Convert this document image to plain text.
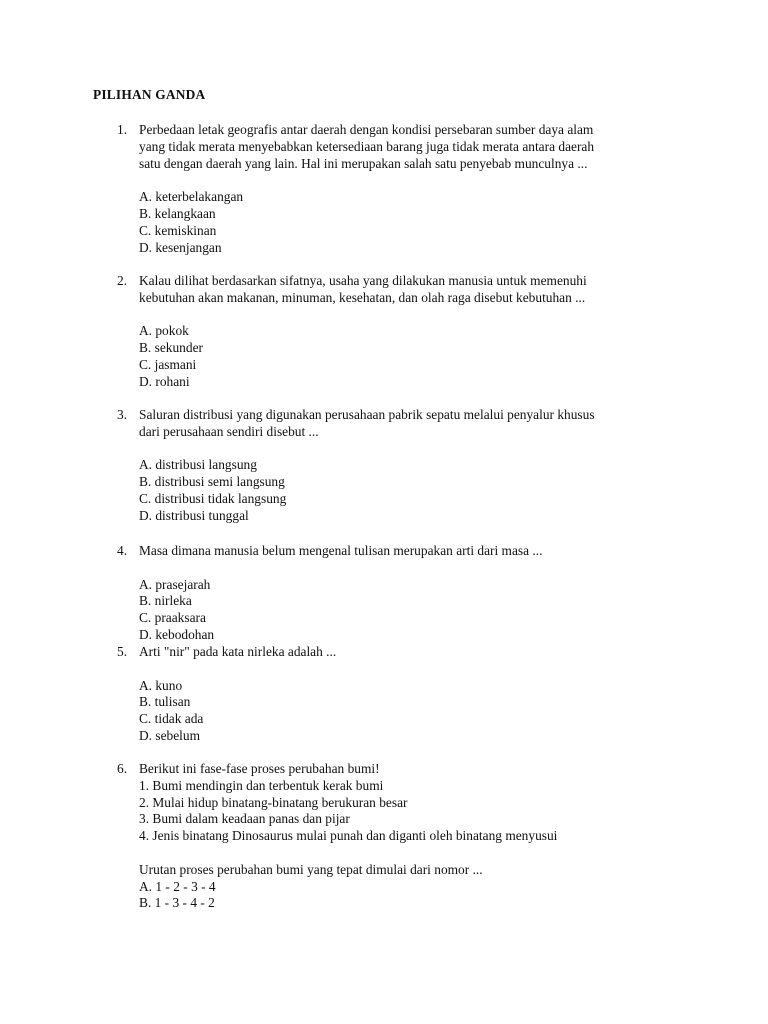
PILIHAN GANDA
1. Perbedaan letak geografis antar daerah dengan kondisi persebaran sumber daya alam
yang tidak merata menyebabkan ketersediaan barang juga tidak merata antara daerah
satu dengan daerah yang lain. Hal ini merupakan salah satu penyebab munculnya ...
A. keterbelakangan
B. kelangkaan
C. kemiskinan
D. kesenjangan
2. Kalau dilihat berdasarkan sifatnya, usaha yang dilakukan manusia untuk memenuhi
kebutuhan akan makanan, minuman, kesehatan, dan olah raga disebut kebutuhan ...
A. pokok
B. sekunder
C. jasmani
D. rohani
3. Saluran distribusi yang digunakan perusahaan pabrik sepatu melalui penyalur khusus
dari perusahaan sendiri disebut ...
A. distribusi langsung
B. distribusi semi langsung
C. distribusi tidak langsung
D. distribusi tunggal
4. Masa dimana manusia belum mengenal tulisan merupakan arti dari masa ...
A. prasejarah
B. nirleka
C. praaksara
D. kebodohan
5. Arti "nir" pada kata nirleka adalah ...
A. kuno
B. tulisan
C. tidak ada
D. sebelum
6. Berikut ini fase-fase proses perubahan bumi!
1. Bumi mendingin dan terbentuk kerak bumi
2. Mulai hidup binatang-binatang berukuran besar
3. Bumi dalam keadaan panas dan pijar
4. Jenis binatang Dinosaurus mulai punah dan diganti oleh binatang menyusui
Urutan proses perubahan bumi yang tepat dimulai dari nomor ...
A. 1 - 2 - 3 - 4
B. 1 - 3 - 4 - 2
